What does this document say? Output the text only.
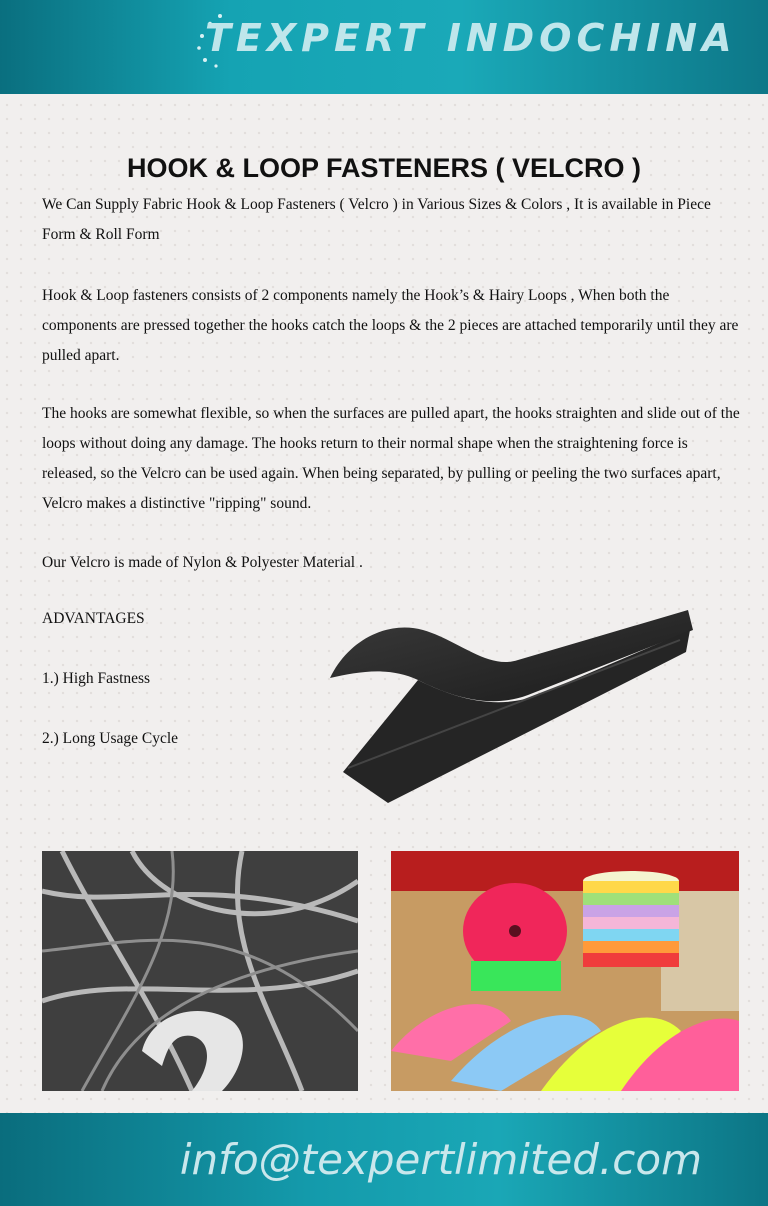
TEXPERT INDOCHINA
HOOK & LOOP FASTENERS ( VELCRO )

We Can Supply Fabric Hook & Loop Fasteners ( Velcro ) in Various Sizes & Colors , It is available in Piece Form & Roll Form

Hook & Loop fasteners consists of 2 components namely the Hook’s & Hairy Loops , When both the components are pressed together the hooks catch the loops & the 2 pieces are attached temporarily until they are pulled apart.

The hooks are somewhat flexible, so when the surfaces are pulled apart, the hooks straighten and slide out of the loops without doing any damage. The hooks return to their normal shape when the straightening force is released, so the Velcro can be used again. When being separated, by pulling or peeling the two surfaces apart, Velcro makes a distinctive "ripping" sound.

Our Velcro is made of Nylon & Polyester Material .

ADVANTAGES

1.) High Fastness

2.) Long Usage Cycle

info@texpertlimited.com
